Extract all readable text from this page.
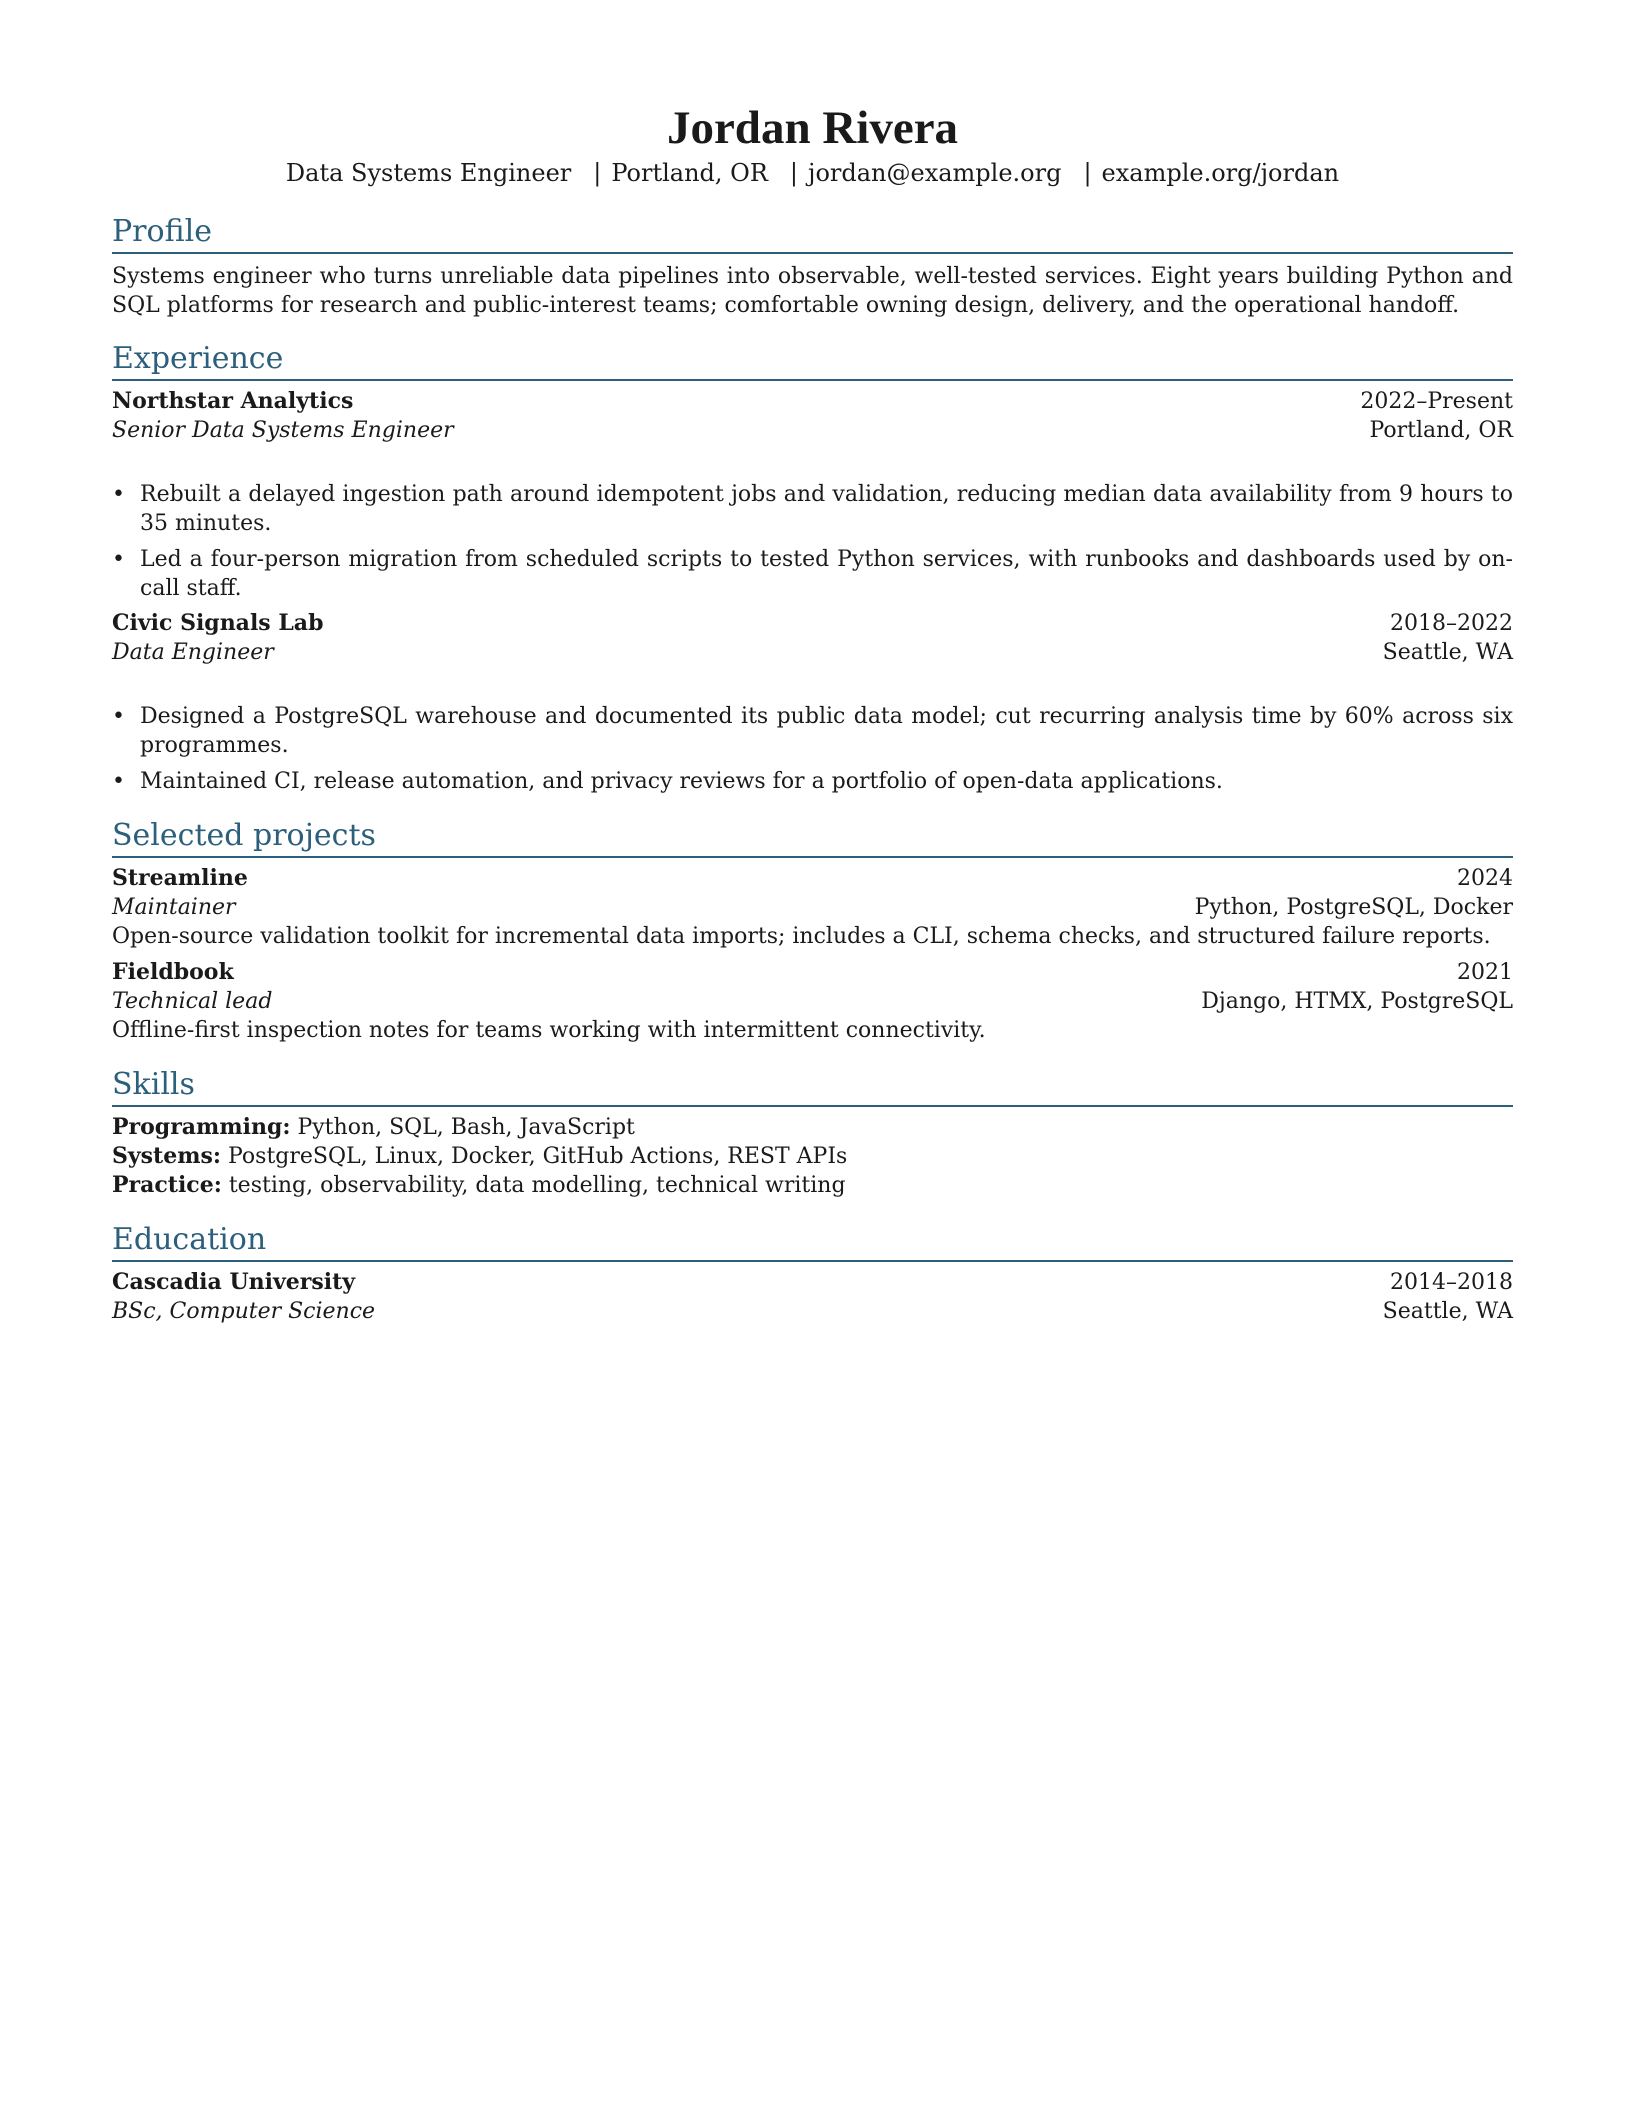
Jordan Rivera
Data Systems Engineer | Portland, OR | jordan@example.org | example.org/jordan
Profile
Systems engineer who turns unreliable data pipelines into observable, well-tested services. Eight years building Python and SQL platforms for research and public-interest teams; comfortable owning design, delivery, and the operational handoff.
Experience
Northstar Analytics	2022–Present
Senior Data Systems Engineer	Portland, OR
• Rebuilt a delayed ingestion path around idempotent jobs and validation, reducing median data availability from 9 hours to 35 minutes.
• Led a four-person migration from scheduled scripts to tested Python services, with runbooks and dashboards used by on-call staff.
Civic Signals Lab	2018–2022
Data Engineer	Seattle, WA
• Designed a PostgreSQL warehouse and documented its public data model; cut recurring analysis time by 60% across six programmes.
• Maintained CI, release automation, and privacy reviews for a portfolio of open-data applications.
Selected projects
Streamline	2024
Maintainer	Python, PostgreSQL, Docker
Open-source validation toolkit for incremental data imports; includes a CLI, schema checks, and structured failure reports.
Fieldbook	2021
Technical lead	Django, HTMX, PostgreSQL
Offline-first inspection notes for teams working with intermittent connectivity.
Skills
Programming: Python, SQL, Bash, JavaScript
Systems: PostgreSQL, Linux, Docker, GitHub Actions, REST APIs
Practice: testing, observability, data modelling, technical writing
Education
Cascadia University	2014–2018
BSc, Computer Science	Seattle, WA
